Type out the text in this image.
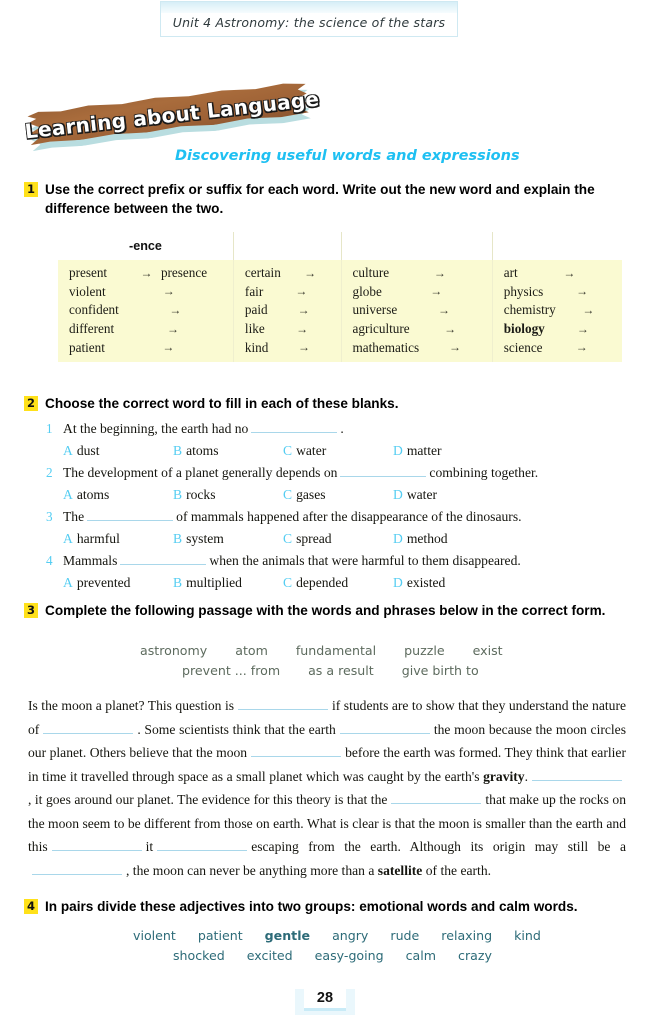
Unit 4 Astronomy: the science of the stars
Learning about Language
Discovering useful words and expressions
1 Use the correct prefix or suffix for each word. Write out the new word and explain the difference between the two.
-ence			

present → presence	certain →	culture →	art →

violent →	fair →	globe →	physics →

confident →	paid →	universe →	chemistry →

different →	like →	agriculture →	biology →

patient →	kind →	mathematics →	science →
2 Choose the correct word to fill in each of these blanks.
1 At the beginning, the earth had no	.
A dust	B atoms	C water	D matter
2 The development of a planet generally depends on	combining together.
A atoms	B rocks	C gases	D water
3 The	of mammals happened after the disappearance of the dinosaurs.
A harmful	B system	C spread	D method
4 Mammals	when the animals that were harmful to them disappeared.
A prevented	B multiplied	C depended	D existed
3 Complete the following passage with the words and phrases below in the correct form.
astronomy atom fundamental puzzle exist
prevent ... from as a result give birth to
Is the moon a planet? This question is	if students are to show that they understand the nature of	. Some scientists think that the earth	the moon because the moon circles our planet. Others believe that the moon	before the earth was formed. They think that earlier in time it travelled through space as a small planet which was caught by the earth's gravity., it goes around our planet. The evidence for this theory is that the	that make up the rocks on the moon seem to be different from those on earth. What is clear is that the moon is smaller than the earth and this	it	escaping from the earth. Although its origin may still be a, the moon can never be anything more than a satellite of the earth.
4 In pairs divide these adjectives into two groups: emotional words and calm words.
violent patient gentle angry rude relaxing kind
shocked excited easy-going calm crazy
28
